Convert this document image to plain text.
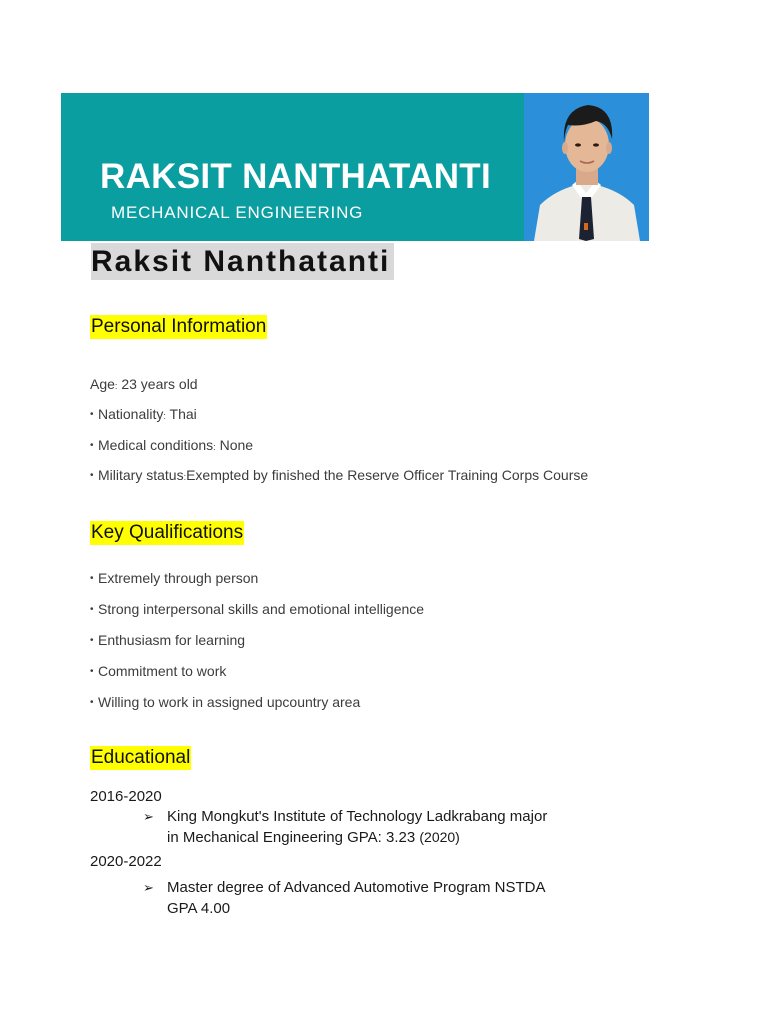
RAKSIT NANTHATANTI
MECHANICAL ENGINEERING
Raksit Nanthatanti
Personal Information
Age: 23 years old
• Nationality: Thai
• Medical conditions: None
• Military status:Exempted by finished the Reserve Officer Training Corps Course
Key Qualifications
• Extremely through person
• Strong interpersonal skills and emotional intelligence
• Enthusiasm for learning
• Commitment to work
• Willing to work in assigned upcountry area
Educational
2016-2020
➢ King Mongkut's Institute of Technology Ladkrabang major
in Mechanical Engineering GPA: 3.23 (2020)
2020-2022
➢ Master degree of Advanced Automotive Program NSTDA
GPA 4.00
